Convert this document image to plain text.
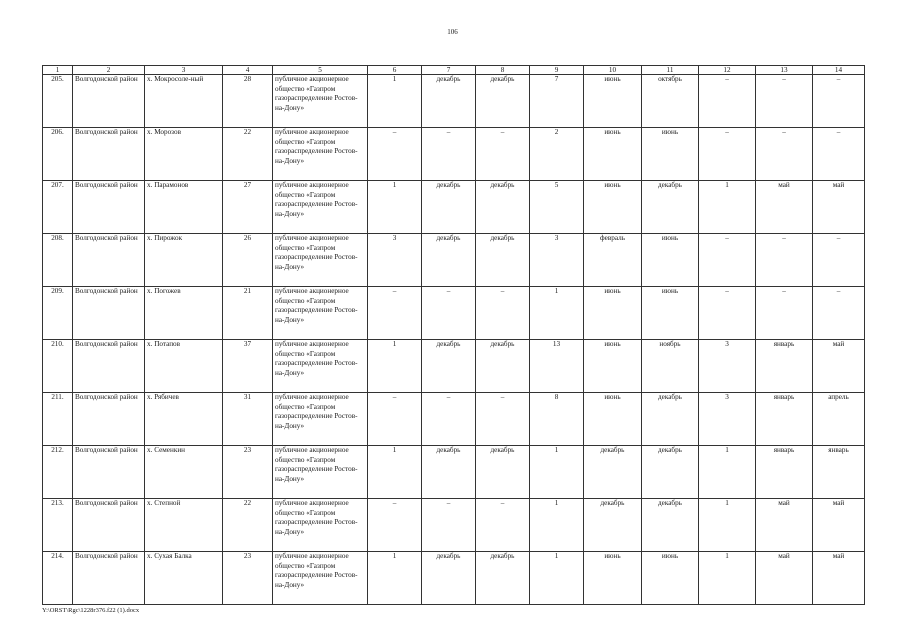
106
1	2	3	4	5	6	7	8	9	10	11	12	13	14
205.	Волгодонской район	х. Мокросоле-ный	28	публичное акционерное общество «Газпром газораспределение Ростов-на-Дону»	1	декабрь	декабрь	7	июнь	октябрь	–	–	–
206.	Волгодонской район	х. Морозов	22	публичное акционерное общество «Газпром газораспределение Ростов-на-Дону»	–	–	–	2	июнь	июнь	–	–	–
207.	Волгодонской район	х. Парамонов	27	публичное акционерное общество «Газпром газораспределение Ростов-на-Дону»	1	декабрь	декабрь	5	июнь	декабрь	1	май	май
208.	Волгодонской район	х. Пирожок	26	публичное акционерное общество «Газпром газораспределение Ростов-на-Дону»	3	декабрь	декабрь	3	февраль	июнь	–	–	–
209.	Волгодонской район	х. Погожев	21	публичное акционерное общество «Газпром газораспределение Ростов-на-Дону»	–	–	–	1	июнь	июнь	–	–	–
210.	Волгодонской район	х. Потапов	37	публичное акционерное общество «Газпром газораспределение Ростов-на-Дону»	1	декабрь	декабрь	13	июнь	ноябрь	3	январь	май
211.	Волгодонской район	х. Рябичев	31	публичное акционерное общество «Газпром газораспределение Ростов-на-Дону»	–	–	–	8	июнь	декабрь	3	январь	апрель
212.	Волгодонской район	х. Семенкин	23	публичное акционерное общество «Газпром газораспределение Ростов-на-Дону»	1	декабрь	декабрь	1	декабрь	декабрь	1	январь	январь
213.	Волгодонской район	х. Степной	22	публичное акционерное общество «Газпром газораспределение Ростов-на-Дону»	–	–	–	1	декабрь	декабрь	1	май	май
214.	Волгодонской район	х. Сухая Балка	23	публичное акционерное общество «Газпром газораспределение Ростов-на-Дону»	1	декабрь	декабрь	1	июнь	июнь	1	май	май
Y:\ORST\Rgc\1228r376.f22 (1).docx
